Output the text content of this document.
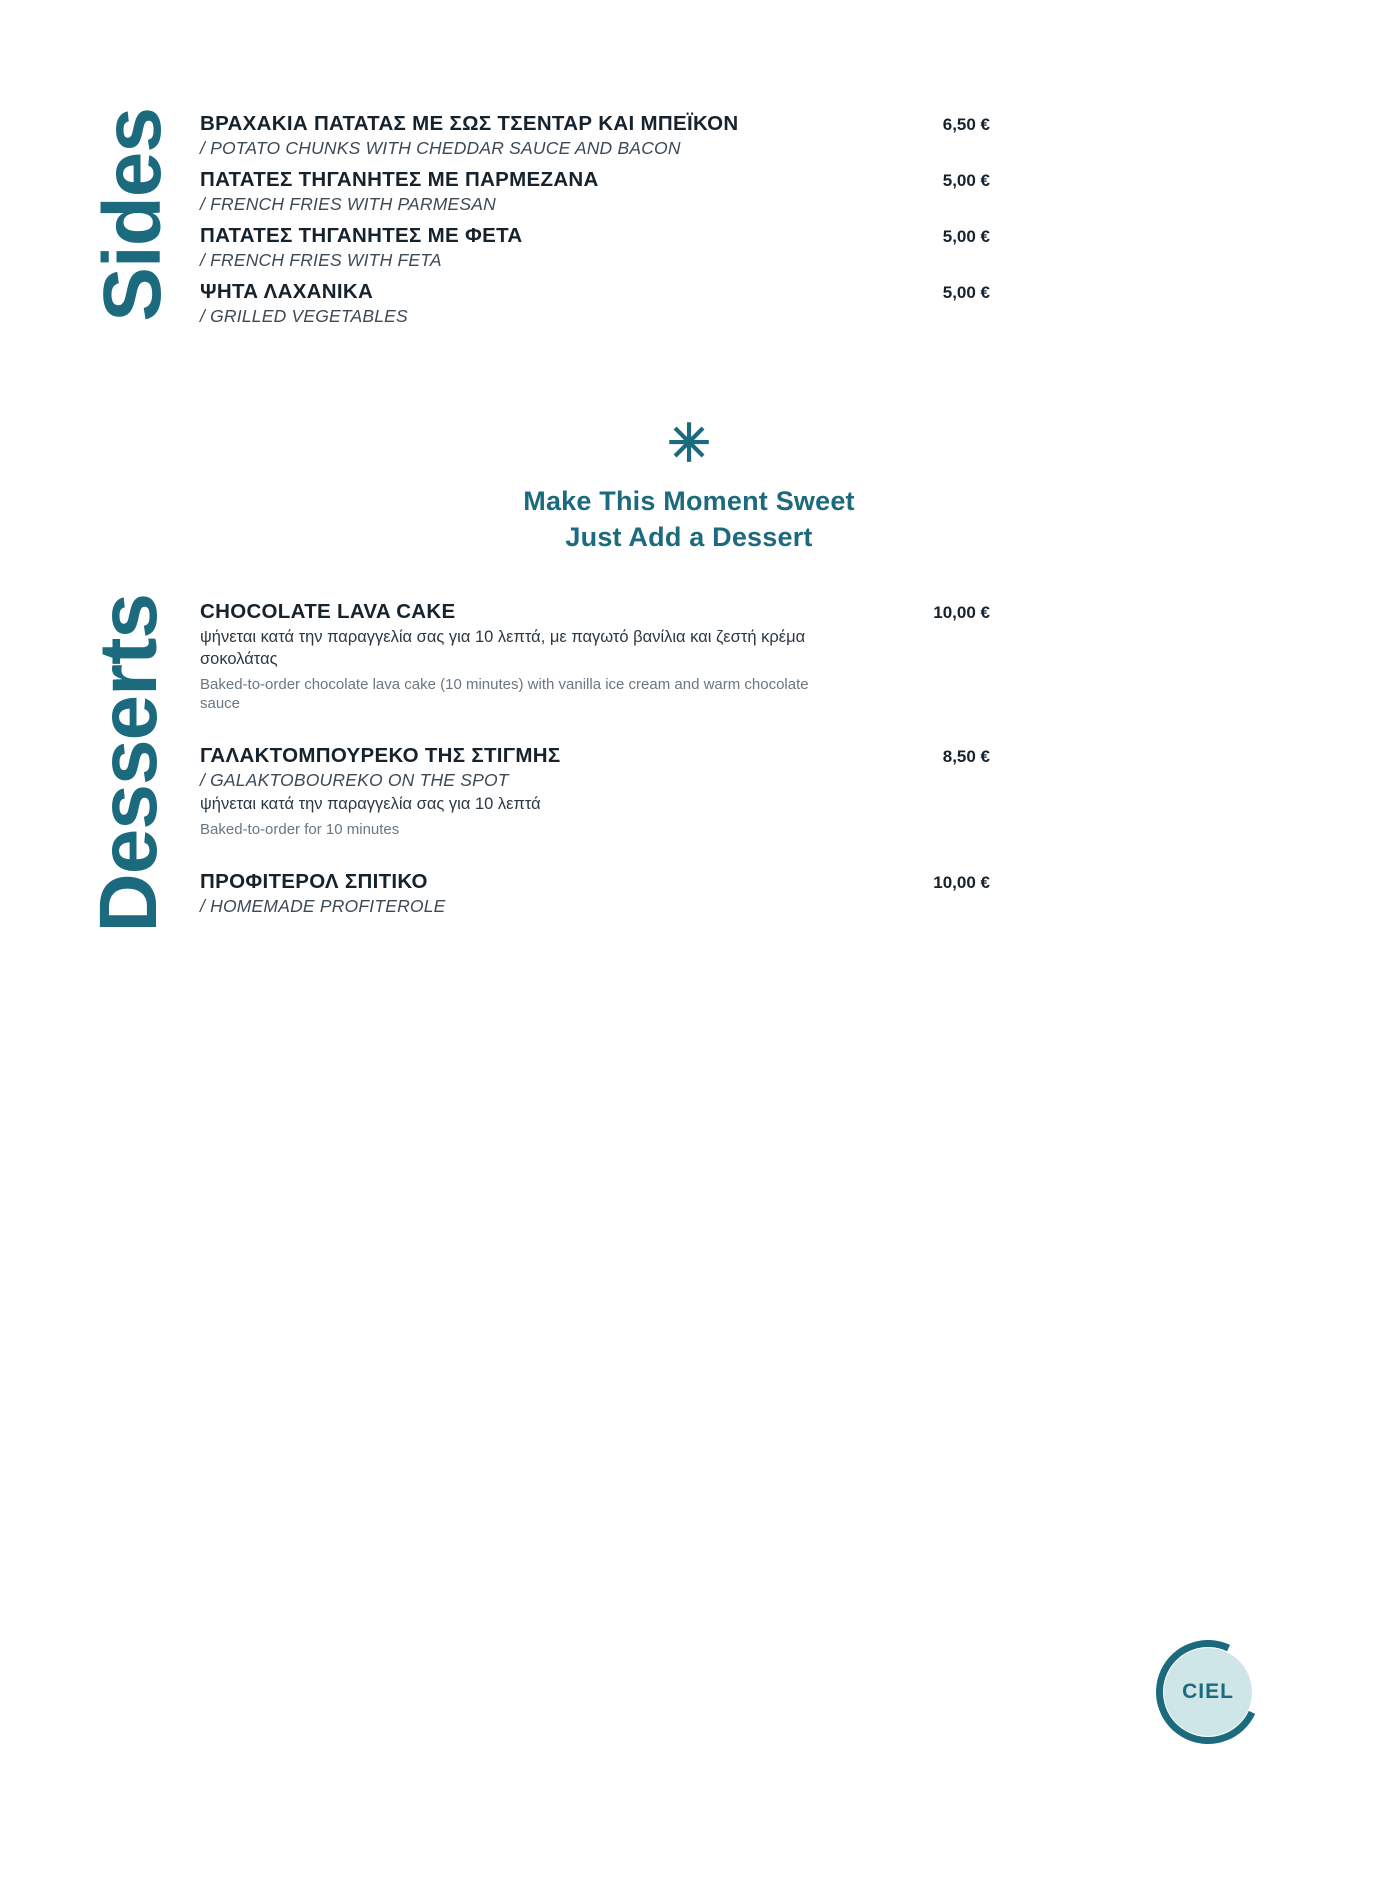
Sides ΒΡΑΧΑΚΙΑ ΠΑΤΑΤΑΣ ΜΕ ΣΩΣ ΤΣΕΝΤΑΡ ΚΑΙ ΜΠΕΪΚΟΝ	6,50 €
/ POTATO CHUNKS WITH CHEDDAR SAUCE AND BACON
ΠΑΤΑΤΕΣ ΤΗΓΑΝΗΤΕΣ ΜΕ ΠΑΡΜΕΖΑΝΑ	5,00 €
/ FRENCH FRIES WITH PARMESAN
ΠΑΤΑΤΕΣ ΤΗΓΑΝΗΤΕΣ ΜΕ ΦΕΤΑ	5,00 €
/ FRENCH FRIES WITH FETA
ΨΗΤΑ ΛΑΧΑΝΙΚΑ	5,00 €
/ GRILLED VEGETABLES
✳
Make This Moment Sweet
Just Add a Dessert
Desserts CHOCOLATE LAVA CAKE	10,00 €
ψήνεται κατά την παραγγελία σας για 10 λεπτά, με παγωτό βανίλια και ζεστή κρέμα σοκολάτας
Baked-to-order chocolate lava cake (10 minutes) with vanilla ice cream and warm chocolate sauce
ΓΑΛΑΚΤΟΜΠΟΥΡΕΚΟ ΤΗΣ ΣΤΙΓΜΗΣ	8,50 €
/ GALAKTOBOUREKO ON THE SPOT
ψήνεται κατά την παραγγελία σας για 10 λεπτά
Baked-to-order for 10 minutes
ΠΡΟΦΙΤΕΡΟΛ ΣΠΙΤΙΚΟ	10,00 €
/ HOMEMADE PROFITEROLE
CIEL
